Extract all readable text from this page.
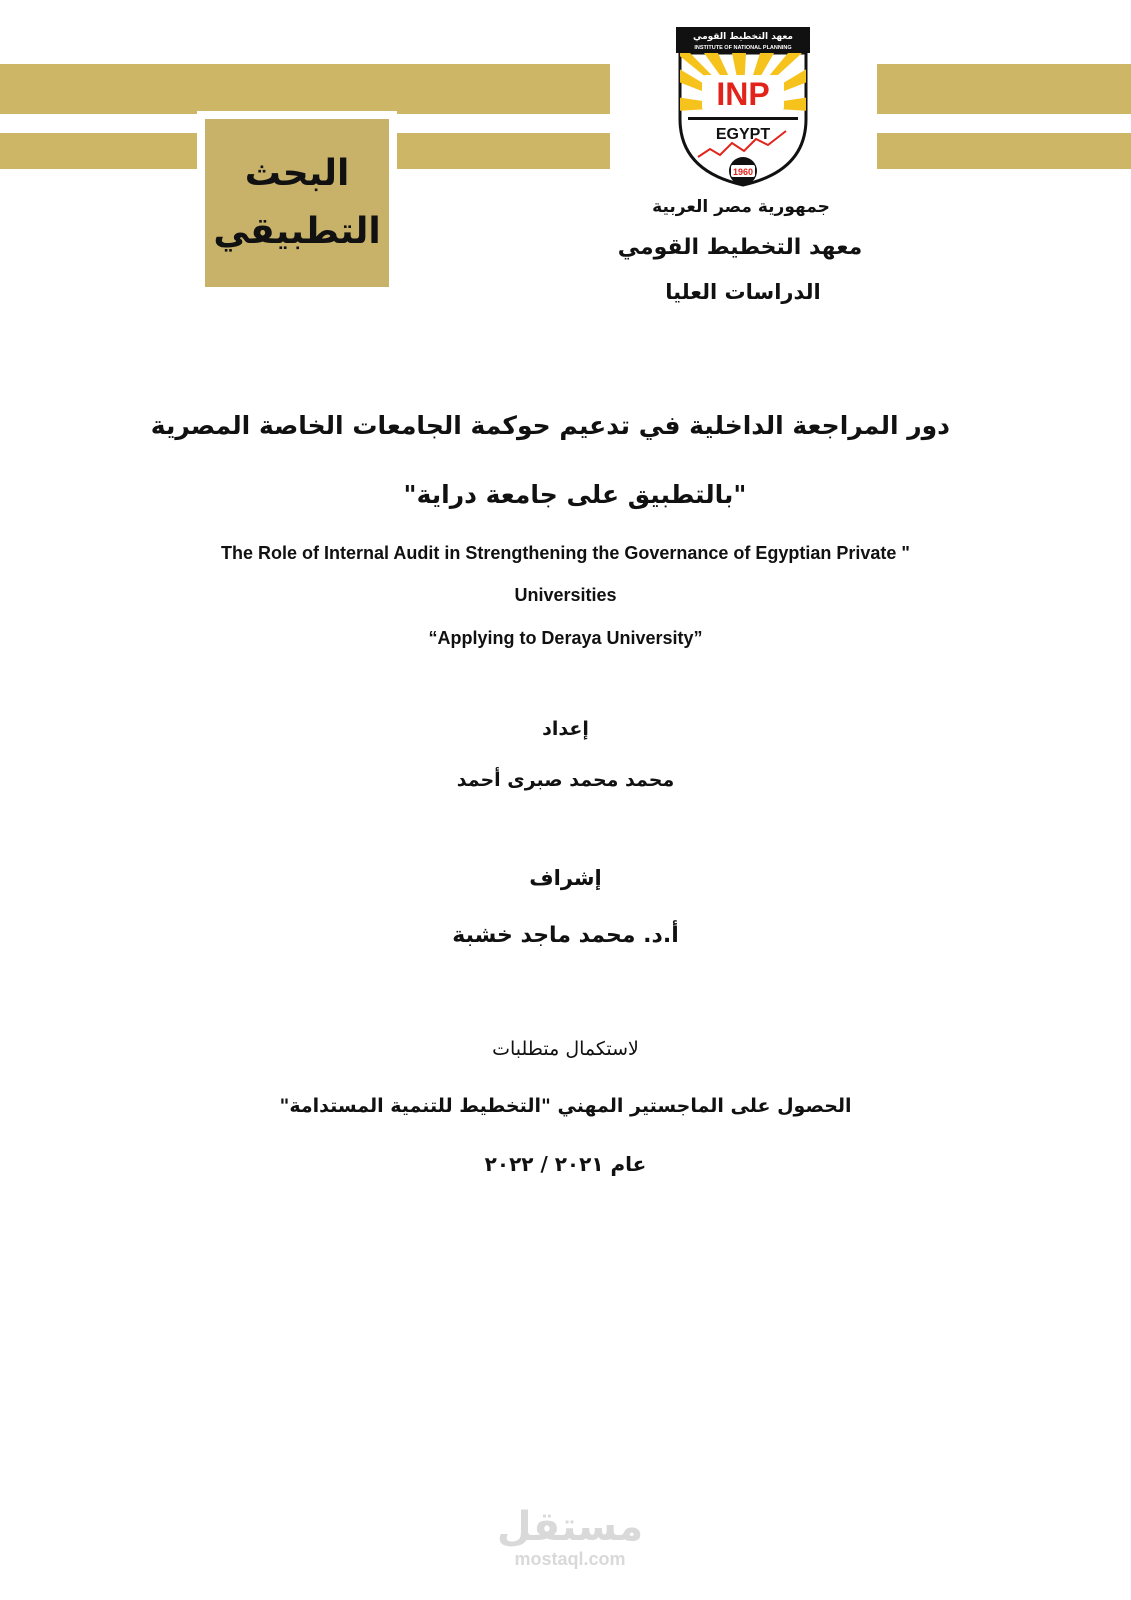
البحث
التطبيقي
معهد التخطيط القومي
INSTITUTE OF NATIONAL PLANNING
INP
EGYPT
1960

جمهورية مصر العربية

معهد التخطيط القومي

الدراسات العليا

دور المراجعة الداخلية في تدعيم حوكمة الجامعات الخاصة المصرية

"بالتطبيق على جامعة دراية"

The Role of Internal Audit in Strengthening the Governance of Egyptian Private "

Universities

“Applying to Deraya University”

إعداد

محمد محمد صبرى أحمد

إشراف

أ.د. محمد ماجد خشبة

لاستكمال متطلبات

الحصول على الماجستير المهني "التخطيط للتنمية المستدامة"

عام ٢٠٢١ / ٢٠٢٢

مستقل
mostaql.com
